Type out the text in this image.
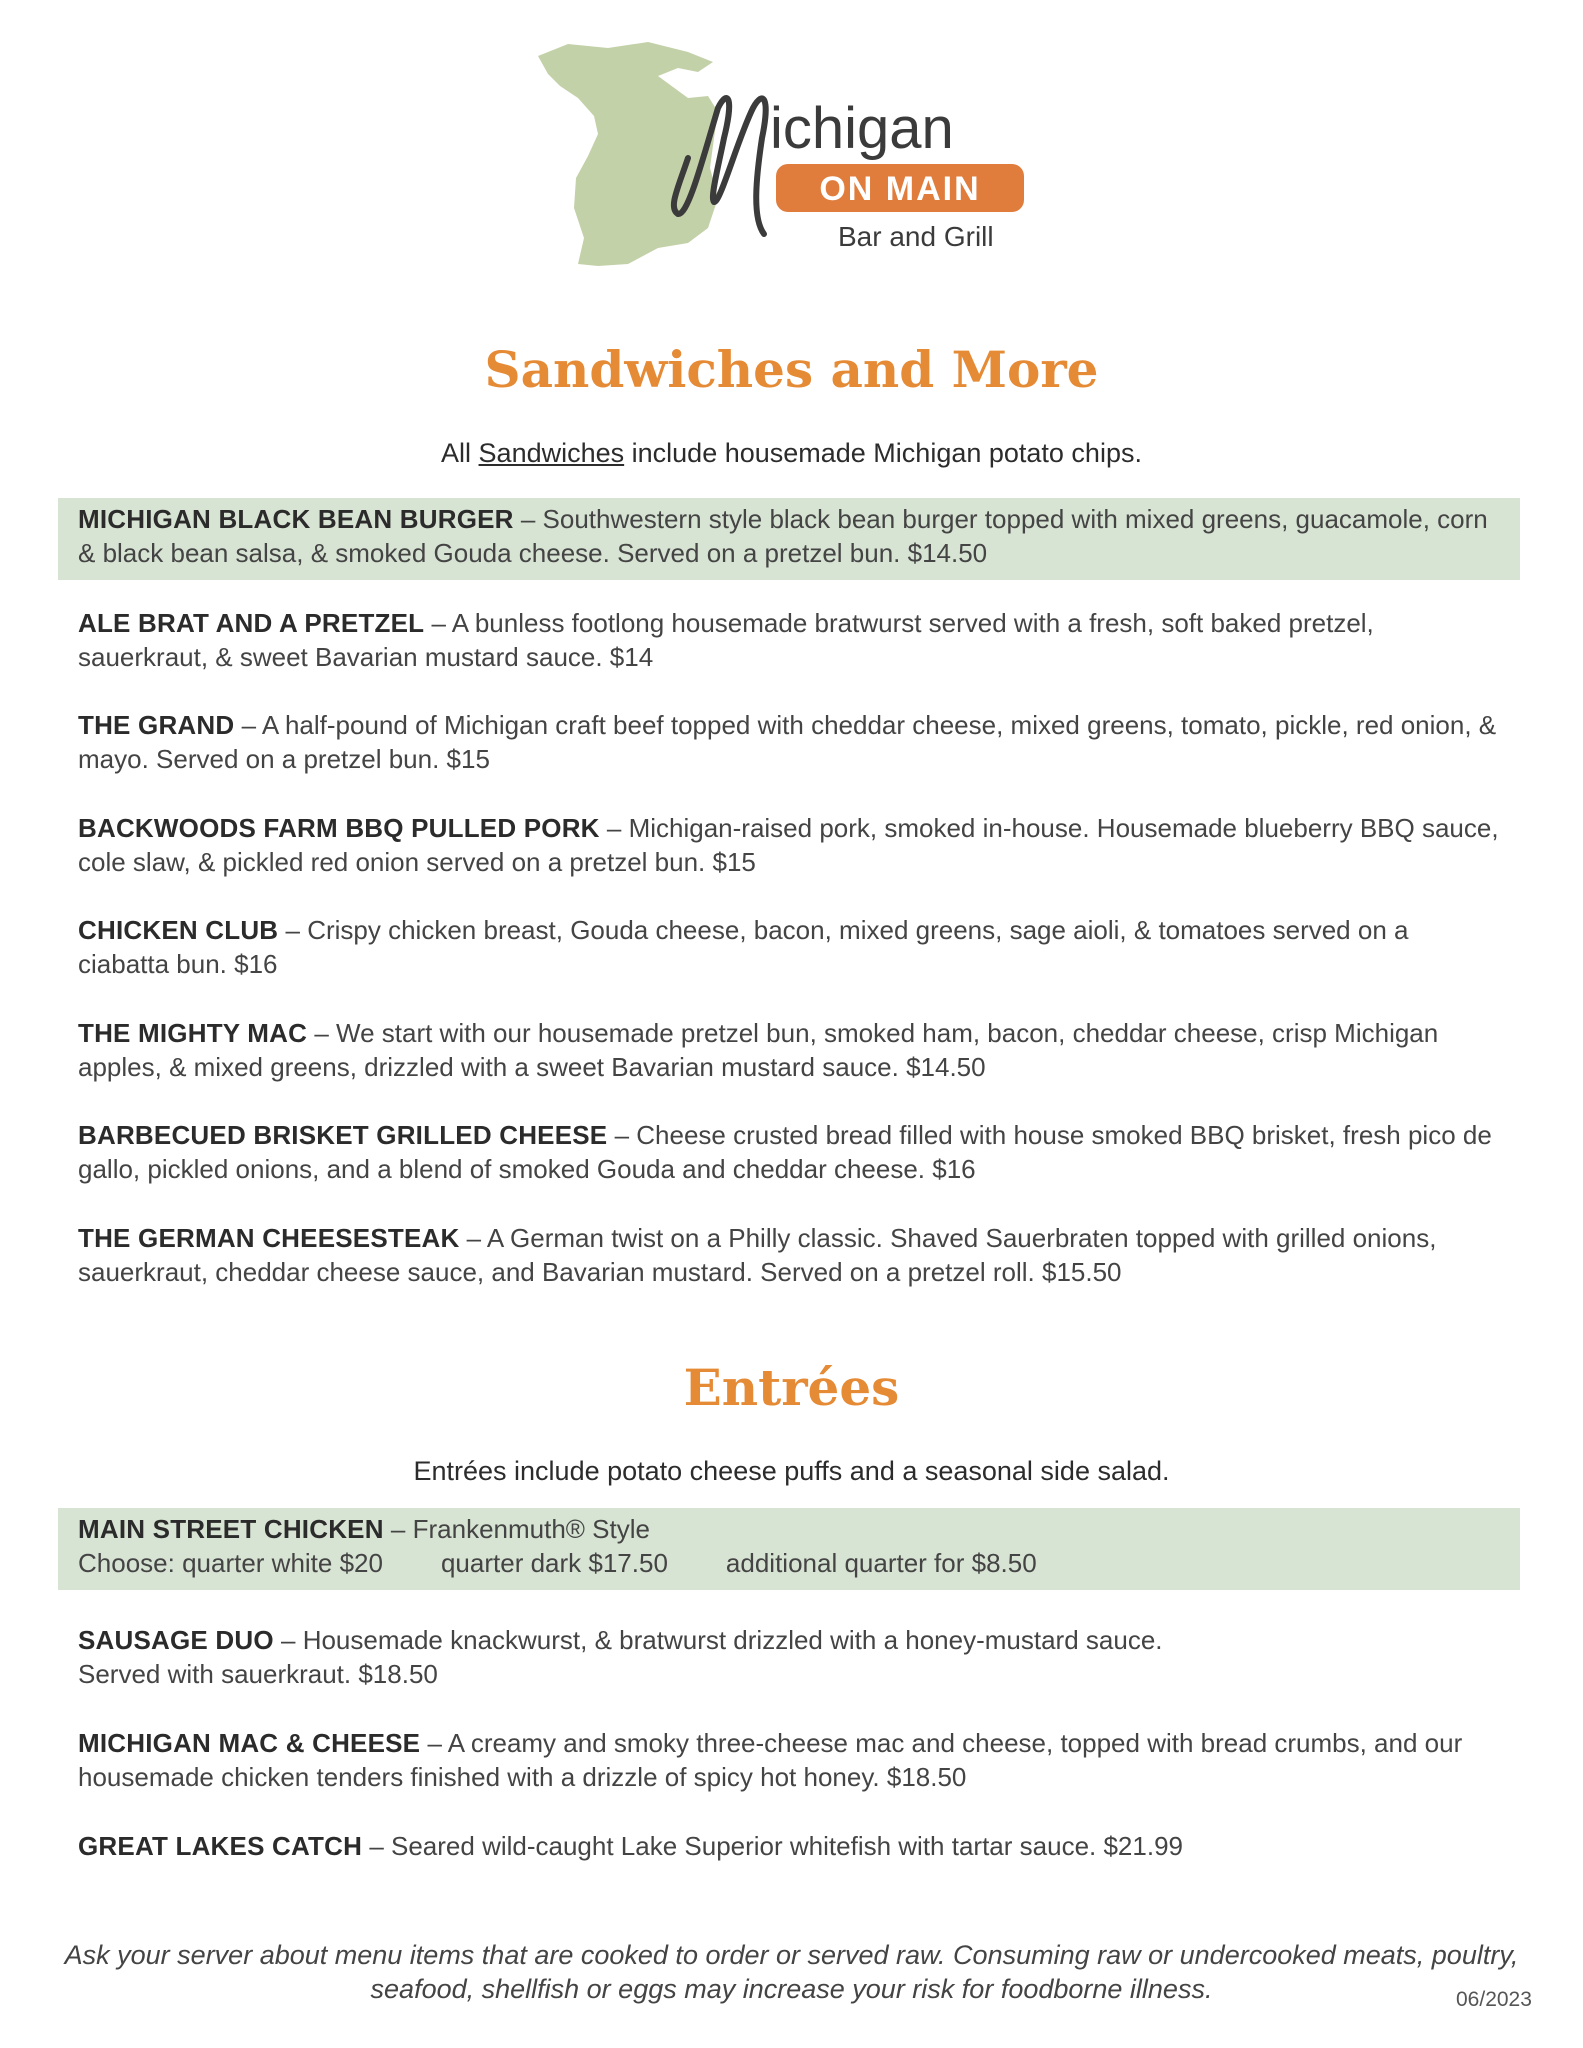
ichigan
ON MAIN
Bar and Grill
Sandwiches and More
All Sandwiches include housemade Michigan potato chips.
MICHIGAN BLACK BEAN BURGER – Southwestern style black bean burger topped with mixed greens, guacamole, corn & black bean salsa, & smoked Gouda cheese. Served on a pretzel bun. $14.50
ALE BRAT AND A PRETZEL – A bunless footlong housemade bratwurst served with a fresh, soft baked pretzel, sauerkraut, & sweet Bavarian mustard sauce. $14
THE GRAND – A half-pound of Michigan craft beef topped with cheddar cheese, mixed greens, tomato, pickle, red onion, & mayo. Served on a pretzel bun. $15
BACKWOODS FARM BBQ PULLED PORK – Michigan-raised pork, smoked in-house. Housemade blueberry BBQ sauce, cole slaw, & pickled red onion served on a pretzel bun. $15
CHICKEN CLUB – Crispy chicken breast, Gouda cheese, bacon, mixed greens, sage aioli, & tomatoes served on a ciabatta bun. $16
THE MIGHTY MAC – We start with our housemade pretzel bun, smoked ham, bacon, cheddar cheese, crisp Michigan apples, & mixed greens, drizzled with a sweet Bavarian mustard sauce. $14.50
BARBECUED BRISKET GRILLED CHEESE – Cheese crusted bread filled with house smoked BBQ brisket, fresh pico de gallo, pickled onions, and a blend of smoked Gouda and cheddar cheese. $16
THE GERMAN CHEESESTEAK – A German twist on a Philly classic. Shaved Sauerbraten topped with grilled onions, sauerkraut, cheddar cheese sauce, and Bavarian mustard. Served on a pretzel roll. $15.50
Entrées
Entrées include potato cheese puffs and a seasonal side salad.
MAIN STREET CHICKEN – Frankenmuth® Style
Choose: quarter white $20 quarter dark $17.50 additional quarter for $8.50
SAUSAGE DUO – Housemade knackwurst, & bratwurst drizzled with a honey-mustard sauce.
Served with sauerkraut. $18.50
MICHIGAN MAC & CHEESE – A creamy and smoky three-cheese mac and cheese, topped with bread crumbs, and our housemade chicken tenders finished with a drizzle of spicy hot honey. $18.50
GREAT LAKES CATCH – Seared wild-caught Lake Superior whitefish with tartar sauce. $21.99
Ask your server about menu items that are cooked to order or served raw. Consuming raw or undercooked meats, poultry, seafood, shellfish or eggs may increase your risk for foodborne illness.	06/2023
